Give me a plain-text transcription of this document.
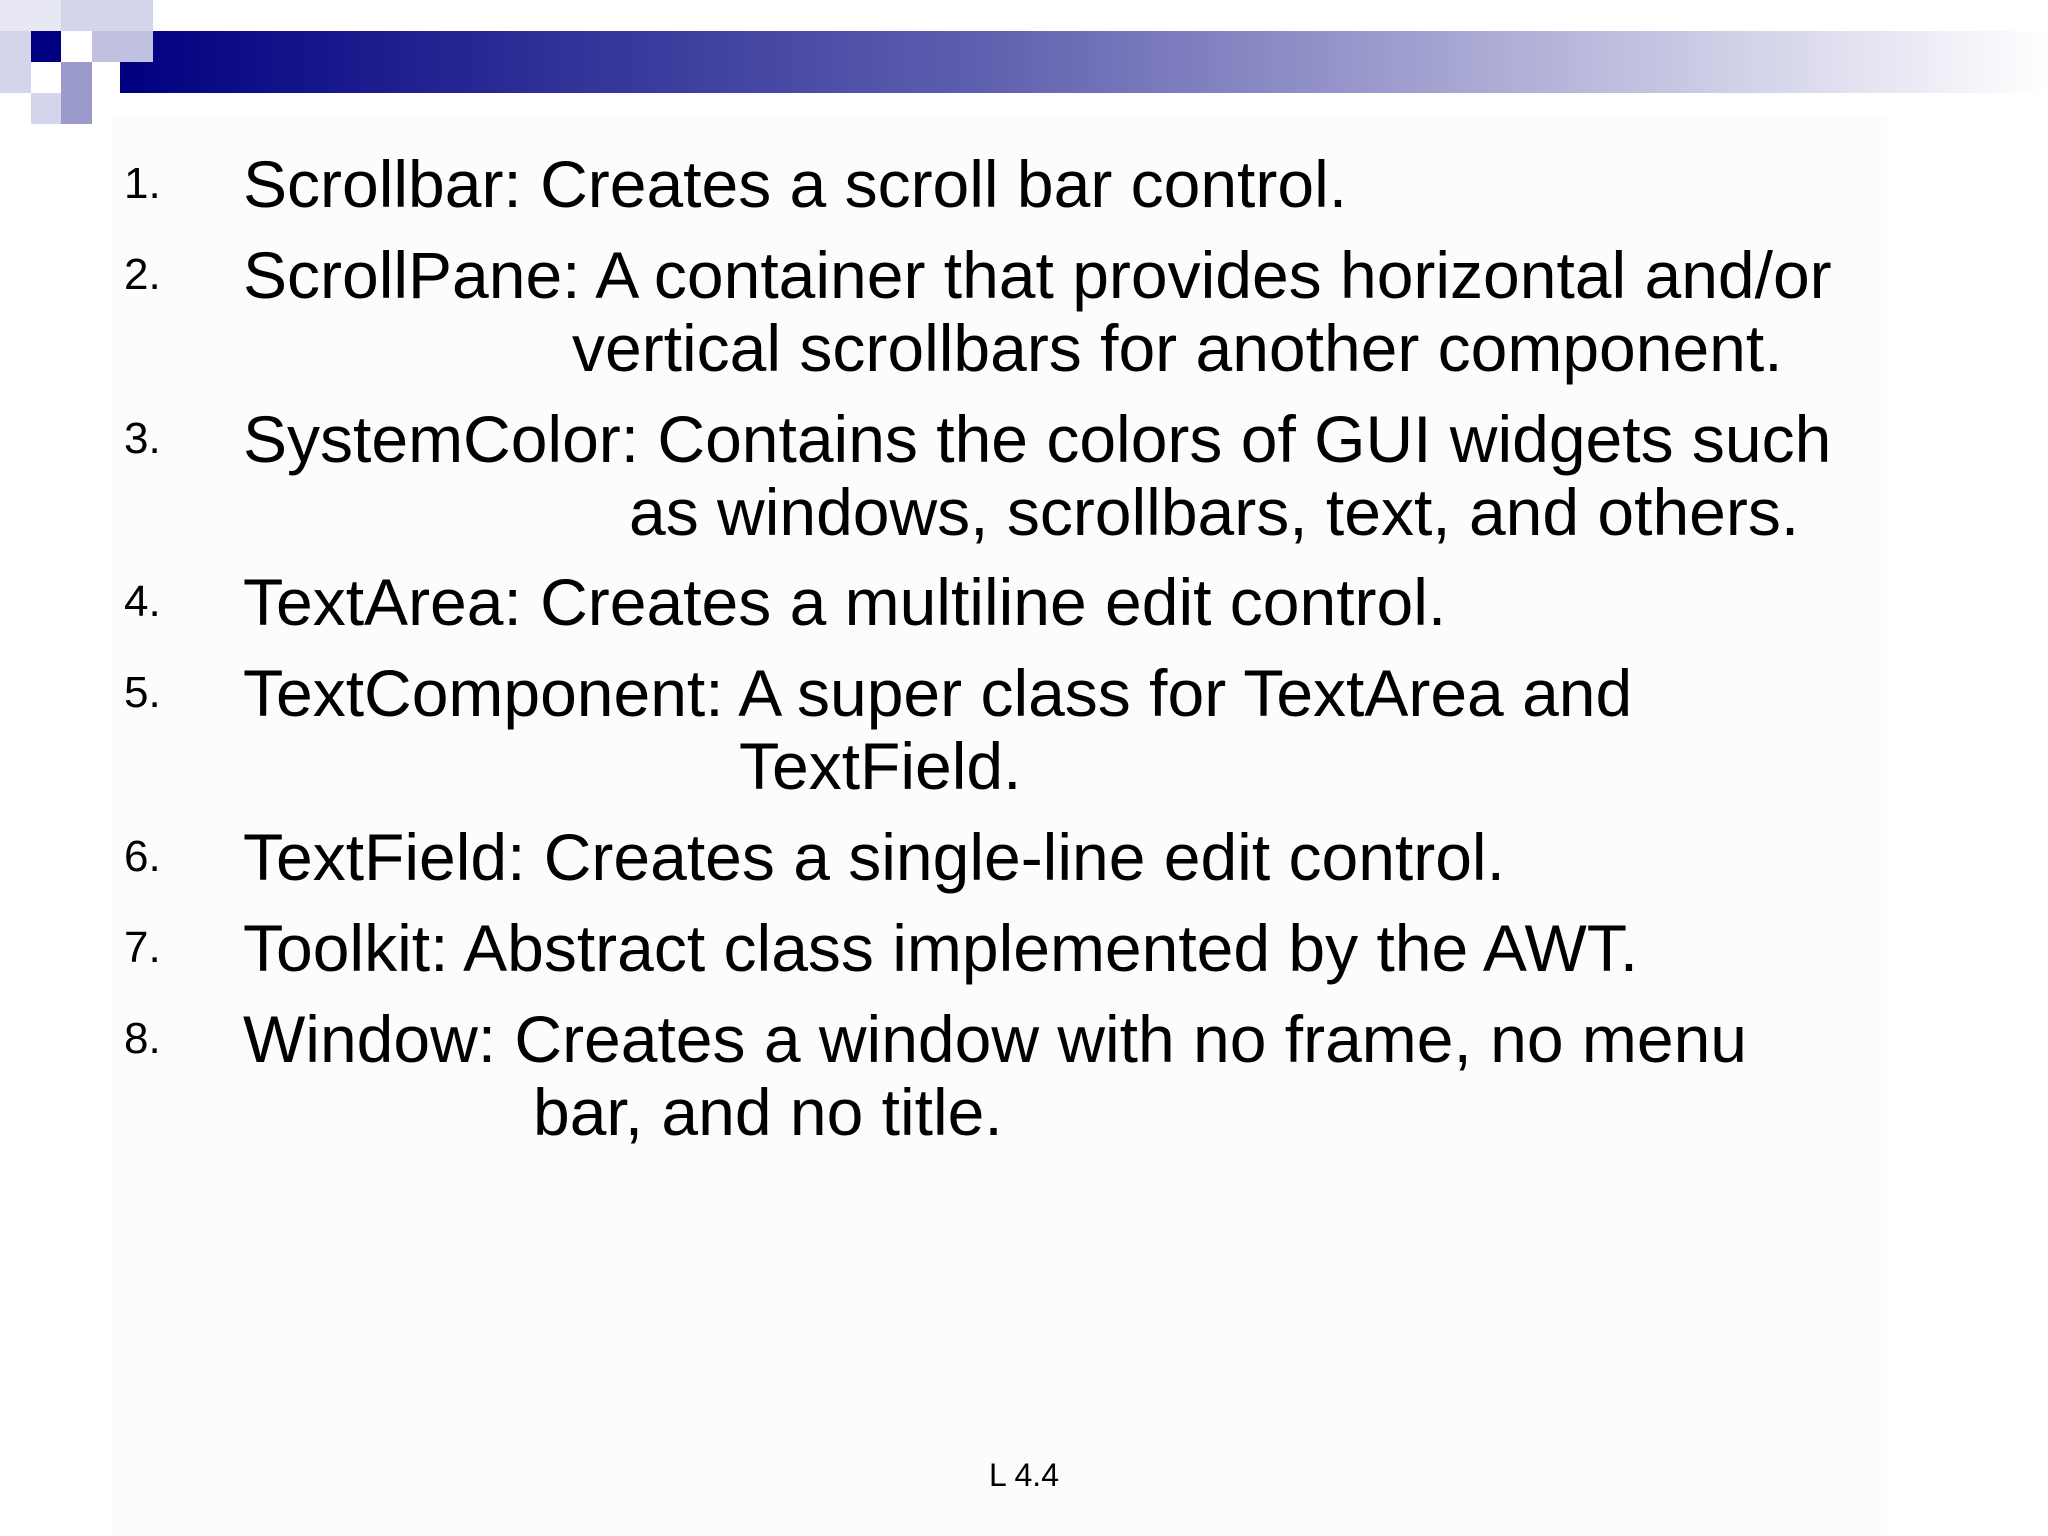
1.	Scrollbar: Creates a scroll bar control.
2.	ScrollPane: A container that provides horizontal and/or
vertical scrollbars for another component.
3.	SystemColor: Contains the colors of GUI widgets such
as windows, scrollbars, text, and others.
4.	TextArea: Creates a multiline edit control.
5.	TextComponent: A super class for TextArea and
TextField.
6.	TextField: Creates a single-line edit control.
7.	Toolkit: Abstract class implemented by the AWT.
8.	Window: Creates a window with no frame, no menu
bar, and no title.
L 4.4
